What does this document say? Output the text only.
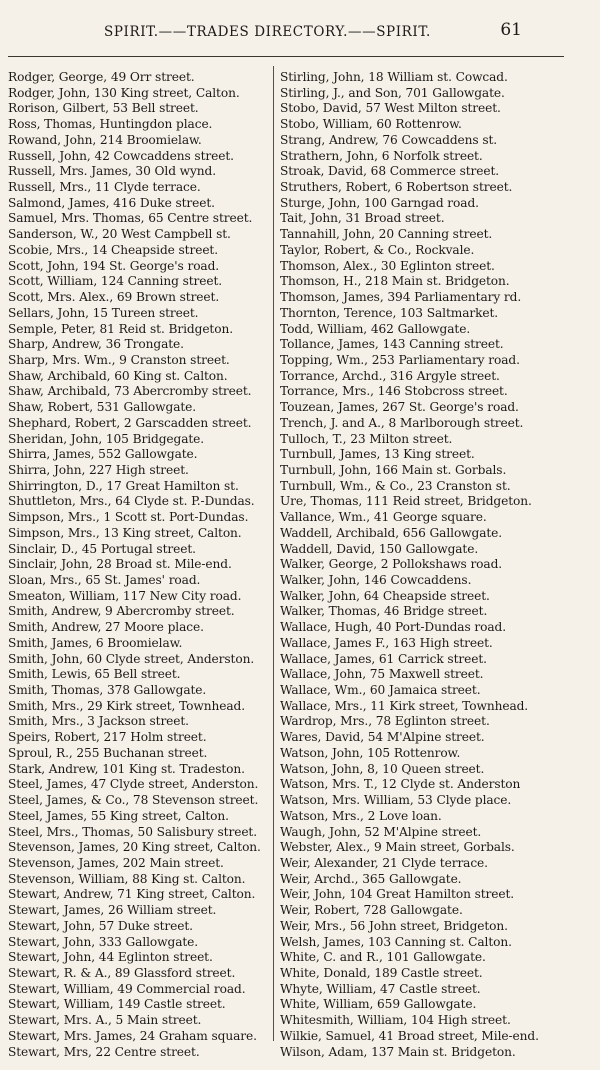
SPIRIT.——TRADES DIRECTORY.——SPIRIT.	61
Rodger, George, 49 Orr street.
Rodger, John, 130 King street, Calton.
Rorison, Gilbert, 53 Bell street.
Ross, Thomas, Huntingdon place.
Rowand, John, 214 Broomielaw.
Russell, John, 42 Cowcaddens street.
Russell, Mrs. James, 30 Old wynd.
Russell, Mrs., 11 Clyde terrace.
Salmond, James, 416 Duke street.
Samuel, Mrs. Thomas, 65 Centre street.
Sanderson, W., 20 West Campbell st.
Scobie, Mrs., 14 Cheapside street.
Scott, John, 194 St. George's road.
Scott, William, 124 Canning street.
Scott, Mrs. Alex., 69 Brown street.
Sellars, John, 15 Tureen street.
Semple, Peter, 81 Reid st. Bridgeton.
Sharp, Andrew, 36 Trongate.
Sharp, Mrs. Wm., 9 Cranston street.
Shaw, Archibald, 60 King st. Calton.
Shaw, Archibald, 73 Abercromby street.
Shaw, Robert, 531 Gallowgate.
Shephard, Robert, 2 Garscadden street.
Sheridan, John, 105 Bridgegate.
Shirra, James, 552 Gallowgate.
Shirra, John, 227 High street.
Shirrington, D., 17 Great Hamilton st.
Shuttleton, Mrs., 64 Clyde st. P.-Dundas.
Simpson, Mrs., 1 Scott st. Port-Dundas.
Simpson, Mrs., 13 King street, Calton.
Sinclair, D., 45 Portugal street.
Sinclair, John, 28 Broad st. Mile-end.
Sloan, Mrs., 65 St. James' road.
Smeaton, William, 117 New City road.
Smith, Andrew, 9 Abercromby street.
Smith, Andrew, 27 Moore place.
Smith, James, 6 Broomielaw.
Smith, John, 60 Clyde street, Anderston.
Smith, Lewis, 65 Bell street.
Smith, Thomas, 378 Gallowgate.
Smith, Mrs., 29 Kirk street, Townhead.
Smith, Mrs., 3 Jackson street.
Speirs, Robert, 217 Holm street.
Sproul, R., 255 Buchanan street.
Stark, Andrew, 101 King st. Tradeston.
Steel, James, 47 Clyde street, Anderston.
Steel, James, & Co., 78 Stevenson street.
Steel, James, 55 King street, Calton.
Steel, Mrs., Thomas, 50 Salisbury street.
Stevenson, James, 20 King street, Calton.
Stevenson, James, 202 Main street.
Stevenson, William, 88 King st. Calton.
Stewart, Andrew, 71 King street, Calton.
Stewart, James, 26 William street.
Stewart, John, 57 Duke street.
Stewart, John, 333 Gallowgate.
Stewart, John, 44 Eglinton street.
Stewart, R. & A., 89 Glassford street.
Stewart, William, 49 Commercial road.
Stewart, William, 149 Castle street.
Stewart, Mrs. A., 5 Main street.
Stewart, Mrs. James, 24 Graham square.
Stewart, Mrs, 22 Centre street.
Stirling, John, 18 William st. Cowcad.
Stirling, J., and Son, 701 Gallowgate.
Stobo, David, 57 West Milton street.
Stobo, William, 60 Rottenrow.
Strang, Andrew, 76 Cowcaddens st.
Strathern, John, 6 Norfolk street.
Stroak, David, 68 Commerce street.
Struthers, Robert, 6 Robertson street.
Sturge, John, 100 Garngad road.
Tait, John, 31 Broad street.
Tannahill, John, 20 Canning street.
Taylor, Robert, & Co., Rockvale.
Thomson, Alex., 30 Eglinton street.
Thomson, H., 218 Main st. Bridgeton.
Thomson, James, 394 Parliamentary rd.
Thornton, Terence, 103 Saltmarket.
Todd, William, 462 Gallowgate.
Tollance, James, 143 Canning street.
Topping, Wm., 253 Parliamentary road.
Torrance, Archd., 316 Argyle street.
Torrance, Mrs., 146 Stobcross street.
Touzean, James, 267 St. George's road.
Trench, J. and A., 8 Marlborough street.
Tulloch, T., 23 Milton street.
Turnbull, James, 13 King street.
Turnbull, John, 166 Main st. Gorbals.
Turnbull, Wm., & Co., 23 Cranston st.
Ure, Thomas, 111 Reid street, Bridgeton.
Vallance, Wm., 41 George square.
Waddell, Archibald, 656 Gallowgate.
Waddell, David, 150 Gallowgate.
Walker, George, 2 Pollokshaws road.
Walker, John, 146 Cowcaddens.
Walker, John, 64 Cheapside street.
Walker, Thomas, 46 Bridge street.
Wallace, Hugh, 40 Port-Dundas road.
Wallace, James F., 163 High street.
Wallace, James, 61 Carrick street.
Wallace, John, 75 Maxwell street.
Wallace, Wm., 60 Jamaica street.
Wallace, Mrs., 11 Kirk street, Townhead.
Wardrop, Mrs., 78 Eglinton street.
Wares, David, 54 M'Alpine street.
Watson, John, 105 Rottenrow.
Watson, John, 8, 10 Queen street.
Watson, Mrs. T., 12 Clyde st. Anderston
Watson, Mrs. William, 53 Clyde place.
Watson, Mrs., 2 Love loan.
Waugh, John, 52 M'Alpine street.
Webster, Alex., 9 Main street, Gorbals.
Weir, Alexander, 21 Clyde terrace.
Weir, Archd., 365 Gallowgate.
Weir, John, 104 Great Hamilton street.
Weir, Robert, 728 Gallowgate.
Weir, Mrs., 56 John street, Bridgeton.
Welsh, James, 103 Canning st. Calton.
White, C. and R., 101 Gallowgate.
White, Donald, 189 Castle street.
Whyte, William, 47 Castle street.
White, William, 659 Gallowgate.
Whitesmith, William, 104 High street.
Wilkie, Samuel, 41 Broad street, Mile-end.
Wilson, Adam, 137 Main st. Bridgeton.
